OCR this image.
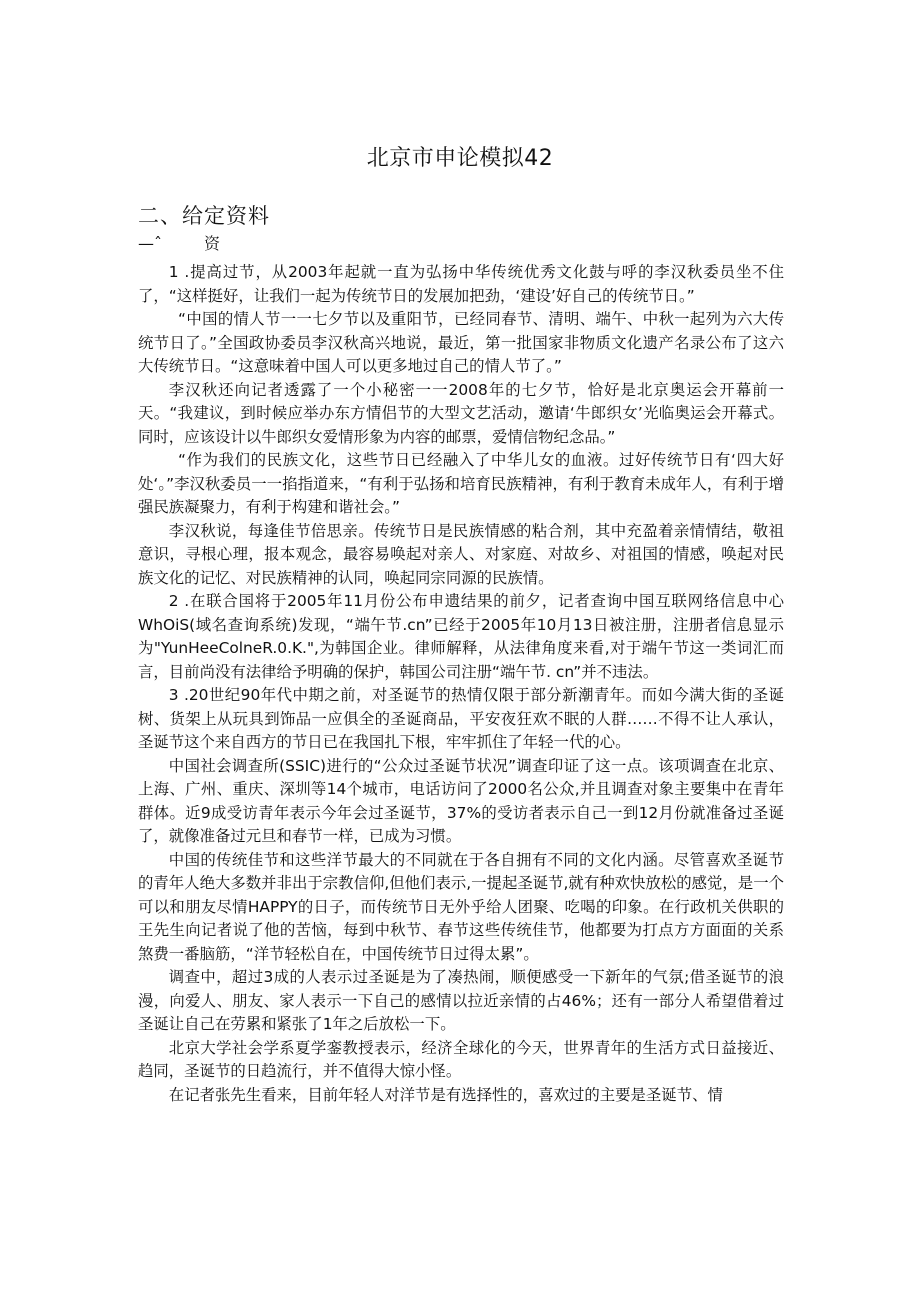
北京市申论模拟42
二、给定资料
—ˆ	资

1 .提高过节，从2003年起就一直为弘扬中华传统优秀文化鼓与呼的李汉秋委员坐不住了，“这样挺好，让我们一起为传统节日的发展加把劲，‘建设’好自己的传统节日。”

“中国的情人节一一七夕节以及重阳节，已经同春节、清明、端午、中秋一起列为六大传统节日了。”全国政协委员李汉秋高兴地说，最近，第一批国家非物质文化遗产名录公布了这六大传统节日。“这意味着中国人可以更多地过自己的情人节了。”

李汉秋还向记者透露了一个小秘密一一2008年的七夕节，恰好是北京奥运会开幕前一天。“我建议，到时候应举办东方情侣节的大型文艺活动，邀请‘牛郎织女’光临奥运会开幕式。同时，应该设计以牛郎织女爱情形象为内容的邮票，爱情信物纪念品。”

“作为我们的民族文化，这些节日已经融入了中华儿女的血液。过好传统节日有‘四大好处‘。”李汉秋委员一一掐指道来，“有利于弘扬和培育民族精神，有利于教育未成年人，有利于增强民族凝聚力，有利于构建和谐社会。”

李汉秋说，每逢佳节倍思亲。传统节日是民族情感的粘合剂，其中充盈着亲情情结，敬祖意识，寻根心理，报本观念，最容易唤起对亲人、对家庭、对故乡、对祖国的情感，唤起对民族文化的记忆、对民族精神的认同，唤起同宗同源的民族情。

2 .在联合国将于2005年11月份公布申遗结果的前夕，记者查询中国互联网络信息中心WhOiS(域名查询系统)发现，“端午节.cn”已经于2005年10月13日被注册，注册者信息显示为"YunHeeColneR.0.K.",为韩国企业。律师解释，从法律角度来看,对于端午节这一类词汇而言，目前尚没有法律给予明确的保护，韩国公司注册“端午节. cn”并不违法。

3 .20世纪90年代中期之前，对圣诞节的热情仅限于部分新潮青年。而如今满大街的圣诞树、货架上从玩具到饰品一应俱全的圣诞商品，平安夜狂欢不眠的人群……不得不让人承认，圣诞节这个来自西方的节日已在我国扎下根，牢牢抓住了年轻一代的心。

中国社会调查所(SSIC)进行的“公众过圣诞节状况”调查印证了这一点。该项调查在北京、上海、广州、重庆、深圳等14个城市，电话访问了2000名公众,并且调查对象主要集中在青年群体。近9成受访青年表示今年会过圣诞节，37%的受访者表示自己一到12月份就准备过圣诞了，就像准备过元旦和春节一样，已成为习惯。

中国的传统佳节和这些洋节最大的不同就在于各自拥有不同的文化内涵。尽管喜欢圣诞节的青年人绝大多数并非出于宗教信仰,但他们表示,一提起圣诞节,就有种欢快放松的感觉，是一个可以和朋友尽情HAPPY的日子，而传统节日无外乎给人团聚、吃喝的印象。在行政机关供职的王先生向记者说了他的苦恼，每到中秋节、春节这些传统佳节，他都要为打点方方面面的关系煞费一番脑筋，“洋节轻松自在，中国传统节日过得太累”。

调查中，超过3成的人表示过圣诞是为了凑热闹，顺便感受一下新年的气氛;借圣诞节的浪漫，向爱人、朋友、家人表示一下自己的感情以拉近亲情的占46%；还有一部分人希望借着过圣诞让自己在劳累和紧张了1年之后放松一下。

北京大学社会学系夏学銮教授表示，经济全球化的今天，世界青年的生活方式日益接近、趋同，圣诞节的日趋流行，并不值得大惊小怪。

在记者张先生看来，目前年轻人对洋节是有选择性的，喜欢过的主要是圣诞节、情
